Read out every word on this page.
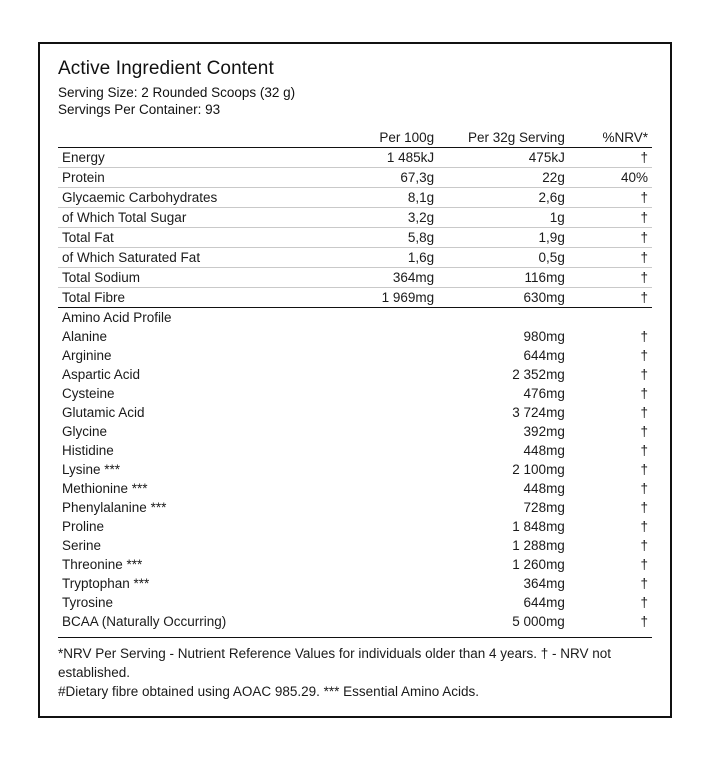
Active Ingredient Content
Serving Size: 2 Rounded Scoops (32 g)
Servings Per Container: 93
	Per 100g	Per 32g Serving	%NRV*
Energy	1 485kJ	475kJ	†
Protein	67,3g	22g	40%
Glycaemic Carbohydrates	8,1g	2,6g	†
of Which Total Sugar	3,2g	1g	†
Total Fat	5,8g	1,9g	†
of Which Saturated Fat	1,6g	0,5g	†
Total Sodium	364mg	116mg	†
Total Fibre	1 969mg	630mg	†
Amino Acid Profile			
Alanine		980mg	†
Arginine		644mg	†
Aspartic Acid		2 352mg	†
Cysteine		476mg	†
Glutamic Acid		3 724mg	†
Glycine		392mg	†
Histidine		448mg	†
Lysine ***		2 100mg	†
Methionine ***		448mg	†
Phenylalanine ***		728mg	†
Proline		1 848mg	†
Serine		1 288mg	†
Threonine ***		1 260mg	†
Tryptophan ***		364mg	†
Tyrosine		644mg	†
BCAA (Naturally Occurring)		5 000mg	†
*NRV Per Serving - Nutrient Reference Values for individuals older than 4 years. † - NRV not established.
#Dietary fibre obtained using AOAC 985.29. *** Essential Amino Acids.
